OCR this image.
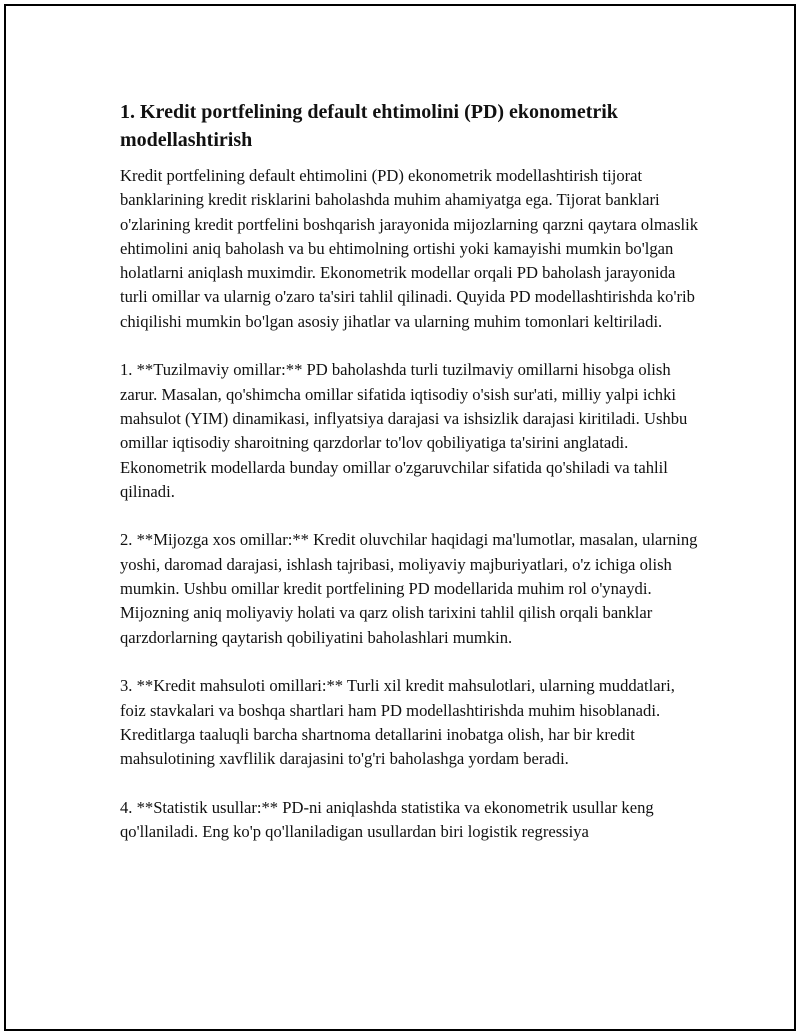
1. Kredit portfelining default ehtimolini (PD) ekonometrik modellashtirish

Kredit portfelining default ehtimolini (PD) ekonometrik modellashtirish tijorat banklarining kredit risklarini baholashda muhim ahamiyatga ega. Tijorat banklari o'zlarining kredit portfelini boshqarish jarayonida mijozlarning qarzni qaytara olmaslik ehtimolini aniq baholash va bu ehtimolning ortishi yoki kamayishi mumkin bo'lgan holatlarni aniqlash muximdir. Ekonometrik modellar orqali PD baholash jarayonida turli omillar va ularnig o'zaro ta'siri tahlil qilinadi. Quyida PD modellashtirishda ko'rib chiqilishi mumkin bo'lgan asosiy jihatlar va ularning muhim tomonlari keltiriladi.

1. **Tuzilmaviy omillar:** PD baholashda turli tuzilmaviy omillarni hisobga olish zarur. Masalan, qo'shimcha omillar sifatida iqtisodiy o'sish sur'ati, milliy yalpi ichki mahsulot (YIM) dinamikasi, inflyatsiya darajasi va ishsizlik darajasi kiritiladi. Ushbu omillar iqtisodiy sharoitning qarzdorlar to'lov qobiliyatiga ta'sirini anglatadi. Ekonometrik modellarda bunday omillar o'zgaruvchilar sifatida qo'shiladi va tahlil qilinadi.

2. **Mijozga xos omillar:** Kredit oluvchilar haqidagi ma'lumotlar, masalan, ularning yoshi, daromad darajasi, ishlash tajribasi, moliyaviy majburiyatlari, o'z ichiga olish mumkin. Ushbu omillar kredit portfelining PD modellarida muhim rol o'ynaydi. Mijozning aniq moliyaviy holati va qarz olish tarixini tahlil qilish orqali banklar qarzdorlarning qaytarish qobiliyatini baholashlari mumkin.

3. **Kredit mahsuloti omillari:** Turli xil kredit mahsulotlari, ularning muddatlari, foiz stavkalari va boshqa shartlari ham PD modellashtirishda muhim hisoblanadi. Kreditlarga taaluqli barcha shartnoma detallarini inobatga olish, har bir kredit mahsulotining xavflilik darajasini to'g'ri baholashga yordam beradi.

4. **Statistik usullar:** PD-ni aniqlashda statistika va ekonometrik usullar keng qo'llaniladi. Eng ko'p qo'llaniladigan usullardan biri logistik regressiya
